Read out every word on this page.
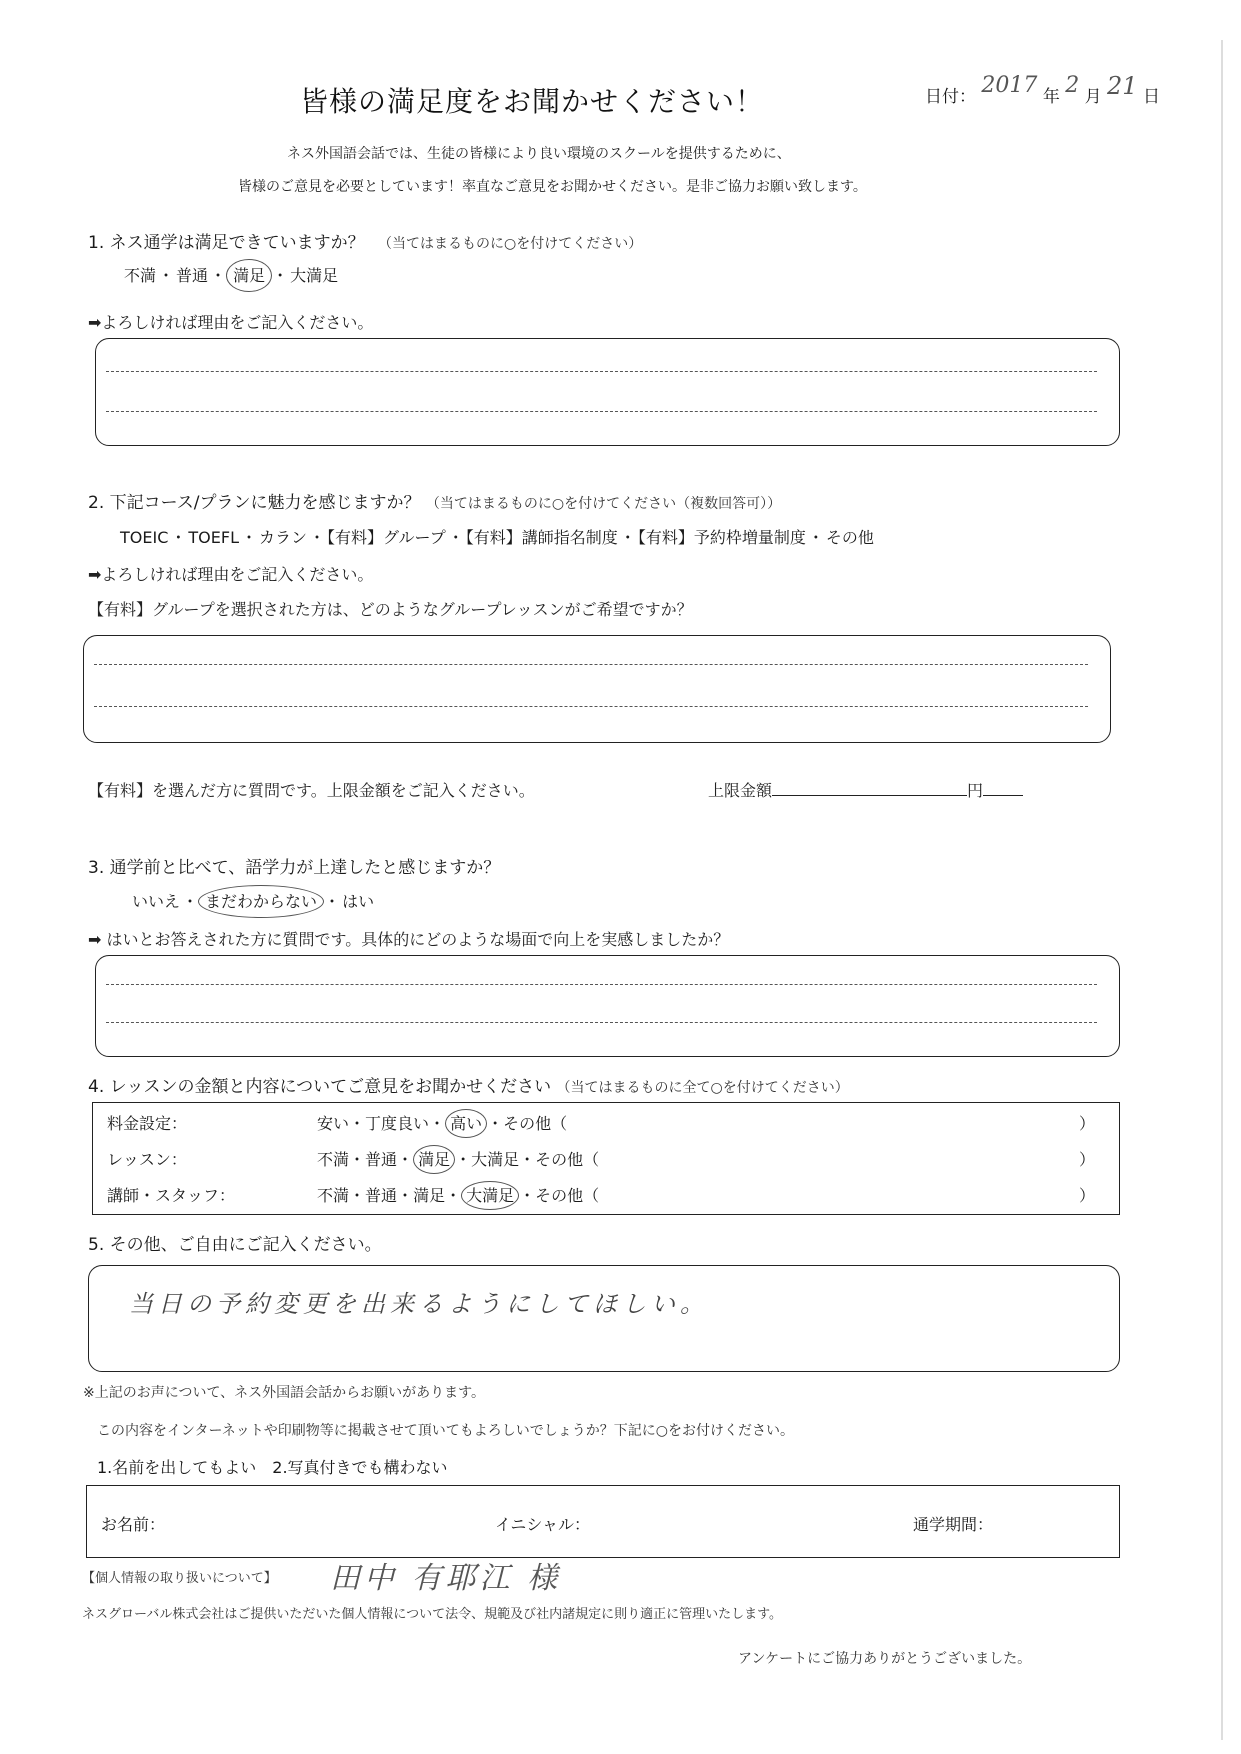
皆様の満足度をお聞かせください！	日付： 2017 年 2 月 21 日
ネス外国語会話では、生徒の皆様により良い環境のスクールを提供するために、
皆様のご意見を必要としています！率直なご意見をお聞かせください。是非ご協力お願い致します。
1. ネス通学は満足できていますか？ （当てはまるものに○を付けてください）
不満 ・ 普通 ・ 満足 ・ 大満足
➡よろしければ理由をご記入ください。
2. 下記コース/プランに魅力を感じますか？ （当てはまるものに○を付けてください（複数回答可））
TOEIC ・ TOEFL ・ カラン ・ 【有料】グループ ・ 【有料】講師指名制度 ・ 【有料】予約枠増量制度 ・ その他
➡よろしければ理由をご記入ください。
【有料】グループを選択された方は、どのようなグループレッスンがご希望ですか？
【有料】を選んだ方に質問です。上限金額をご記入ください。	上限金額	円
3. 通学前と比べて、語学力が上達したと感じますか？
いいえ ・ まだわからない ・ はい
➡ はいとお答えされた方に質問です。具体的にどのような場面で向上を実感しましたか？
4. レッスンの金額と内容についてご意見をお聞かせください （当てはまるものに全て○を付けてください）
料金設定：	安い・丁度良い・ 高い ・その他（	）
レッスン：	不満・普通・ 満足 ・大満足・その他（	）
講師・スタッフ：	不満・普通・満足・ 大満足 ・その他（	）
5. その他、ご自由にご記入ください。
当日の予約変更を出来るようにしてほしい。
※上記のお声について、ネス外国語会話からお願いがあります。
この内容をインターネットや印刷物等に掲載させて頂いてもよろしいでしょうか？下記に○をお付けください。
1.名前を出してもよい　2.写真付きでも構わない
お名前：	イニシャル：	通学期間：
【個人情報の取り扱いについて】 田中 有耶江 様
ネスグローバル株式会社はご提供いただいた個人情報について法令、規範及び社内諸規定に則り適正に管理いたします。
アンケートにご協力ありがとうございました。
